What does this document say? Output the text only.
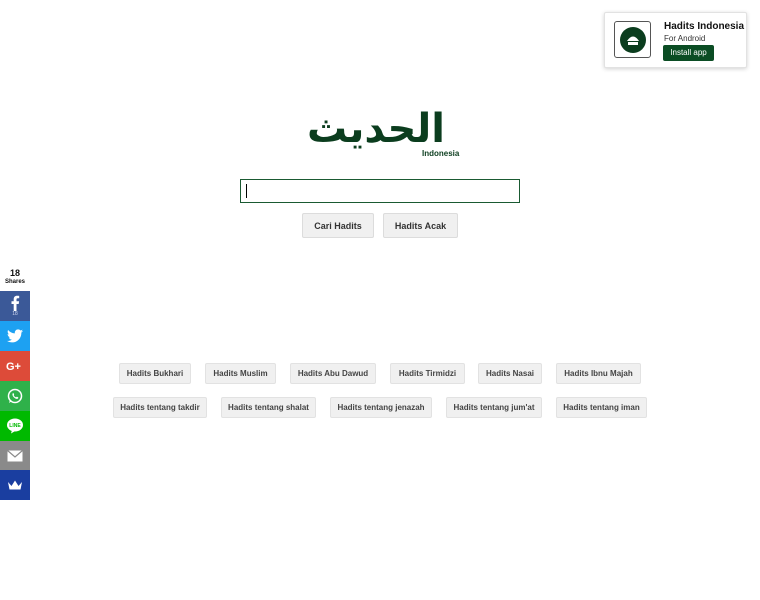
Hadits Indonesia
For Android
Install app
الحديث
Indonesia
Cari Hadits	Hadits Acak
Hadits Bukhari	Hadits Muslim	Hadits Abu Dawud	Hadits Tirmidzi	Hadits Nasai	Hadits Ibnu Majah
Hadits tentang takdir	Hadits tentang shalat	Hadits tentang jenazah	Hadits tentang jum'at	Hadits tentang iman
18
Shares
18
G+
LINE
